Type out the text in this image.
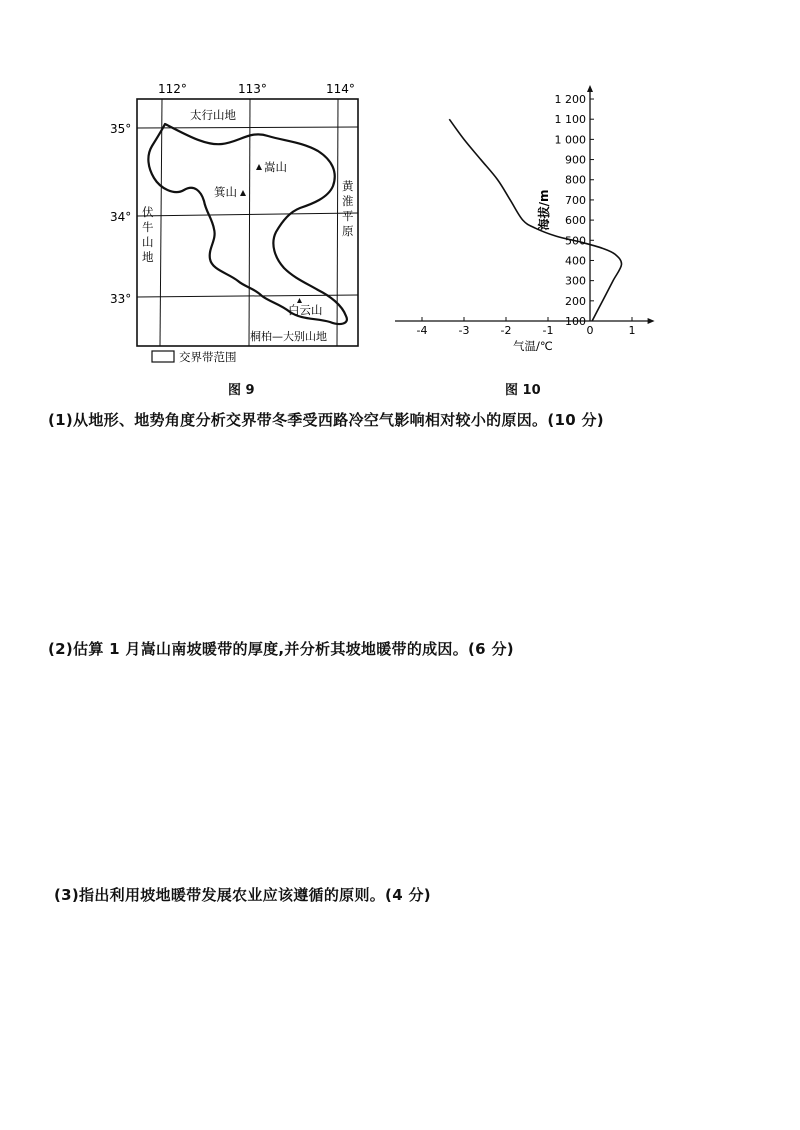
112°	113°	114°
35°
34°
33°
太行山地
伏
牛
山
地
黄
淮
平
原
桐柏—大别山地
嵩山
箕山
白云山
交界带范围
-4	-3	-2	-1	0	1
100
200
300
400
500
600
700
800
900
1 000
1 100
1 200
海拔/m
气温/℃
图 9	图 10
(1)从地形、地势角度分析交界带冬季受西路冷空气影响相对较小的原因。(10 分)
(2)估算 1 月嵩山南坡暖带的厚度,并分析其坡地暖带的成因。(6 分)
(3)指出利用坡地暖带发展农业应该遵循的原则。(4 分)
